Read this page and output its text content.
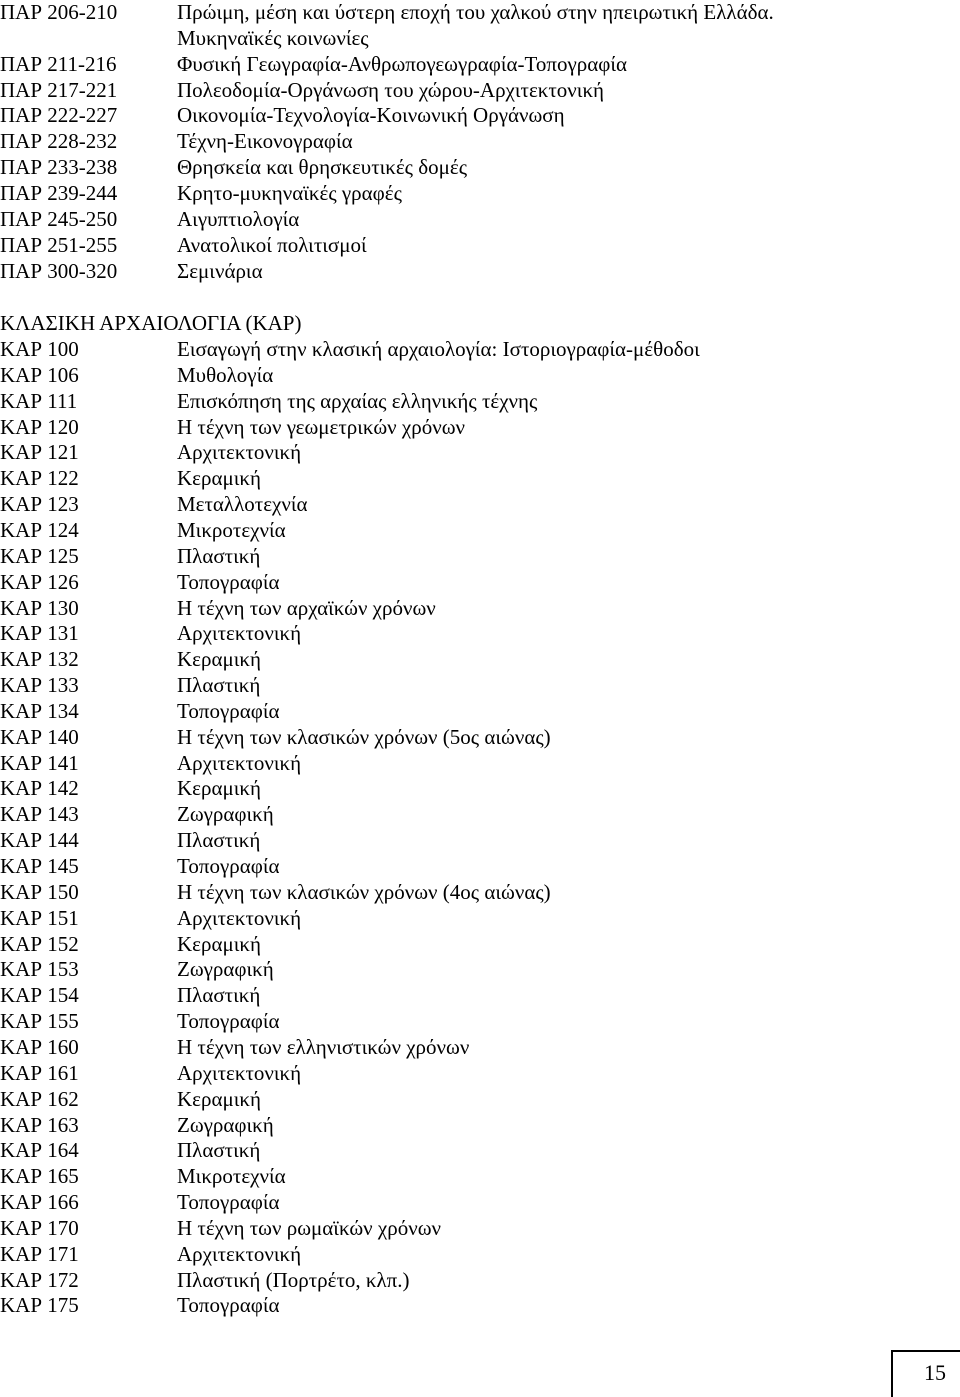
ΠΑΡ 206-210	Πρώιμη, μέση και ύστερη εποχή του χαλκού στην ηπειρωτική Ελλάδα.
Μυκηναϊκές κοινωνίες
ΠΑΡ 211-216	Φυσική Γεωγραφία-Ανθρωπογεωγραφία-Τοπογραφία
ΠΑΡ 217-221	Πολεοδομία-Οργάνωση του χώρου-Αρχιτεκτονική
ΠΑΡ 222-227	Οικονομία-Τεχνολογία-Κοινωνική Οργάνωση
ΠΑΡ 228-232	Τέχνη-Εικονογραφία
ΠΑΡ 233-238	Θρησκεία και θρησκευτικές δομές
ΠΑΡ 239-244	Κρητο-μυκηναϊκές γραφές
ΠΑΡ 245-250	Αιγυπτιολογία
ΠΑΡ 251-255	Ανατολικοί πολιτισμοί
ΠΑΡ 300-320	Σεμινάρια
ΚΛΑΣΙΚΗ ΑΡΧΑΙΟΛΟΓΙΑ (ΚΑΡ)
ΚΑΡ 100	Εισαγωγή στην κλασική αρχαιολογία: Ιστοριογραφία-μέθοδοι
ΚΑΡ 106	Μυθολογία
ΚΑΡ 111	Επισκόπηση της αρχαίας ελληνικής τέχνης
ΚΑΡ 120	Η τέχνη των γεωμετρικών χρόνων
ΚΑΡ 121	Αρχιτεκτονική
ΚΑΡ 122	Κεραμική
ΚΑΡ 123	Μεταλλοτεχνία
ΚΑΡ 124	Μικροτεχνία
ΚΑΡ 125	Πλαστική
ΚΑΡ 126	Τοπογραφία
ΚΑΡ 130	Η τέχνη των αρχαϊκών χρόνων
ΚΑΡ 131	Αρχιτεκτονική
ΚΑΡ 132	Κεραμική
ΚΑΡ 133	Πλαστική
ΚΑΡ 134	Τοπογραφία
ΚΑΡ 140	Η τέχνη των κλασικών χρόνων (5ος αιώνας)
ΚΑΡ 141	Αρχιτεκτονική
ΚΑΡ 142	Κεραμική
ΚΑΡ 143	Ζωγραφική
ΚΑΡ 144	Πλαστική
ΚΑΡ 145	Τοπογραφία
ΚΑΡ 150	Η τέχνη των κλασικών χρόνων (4ος αιώνας)
ΚΑΡ 151	Αρχιτεκτονική
ΚΑΡ 152	Κεραμική
ΚΑΡ 153	Ζωγραφική
ΚΑΡ 154	Πλαστική
ΚΑΡ 155	Τοπογραφία
ΚΑΡ 160	Η τέχνη των ελληνιστικών χρόνων
ΚΑΡ 161	Αρχιτεκτονική
ΚΑΡ 162	Κεραμική
ΚΑΡ 163	Ζωγραφική
ΚΑΡ 164	Πλαστική
ΚΑΡ 165	Μικροτεχνία
ΚΑΡ 166	Τοπογραφία
ΚΑΡ 170	Η τέχνη των ρωμαϊκών χρόνων
ΚΑΡ 171	Αρχιτεκτονική
ΚΑΡ 172	Πλαστική (Πορτρέτο, κλπ.)
ΚΑΡ 175	Τοπογραφία
15
